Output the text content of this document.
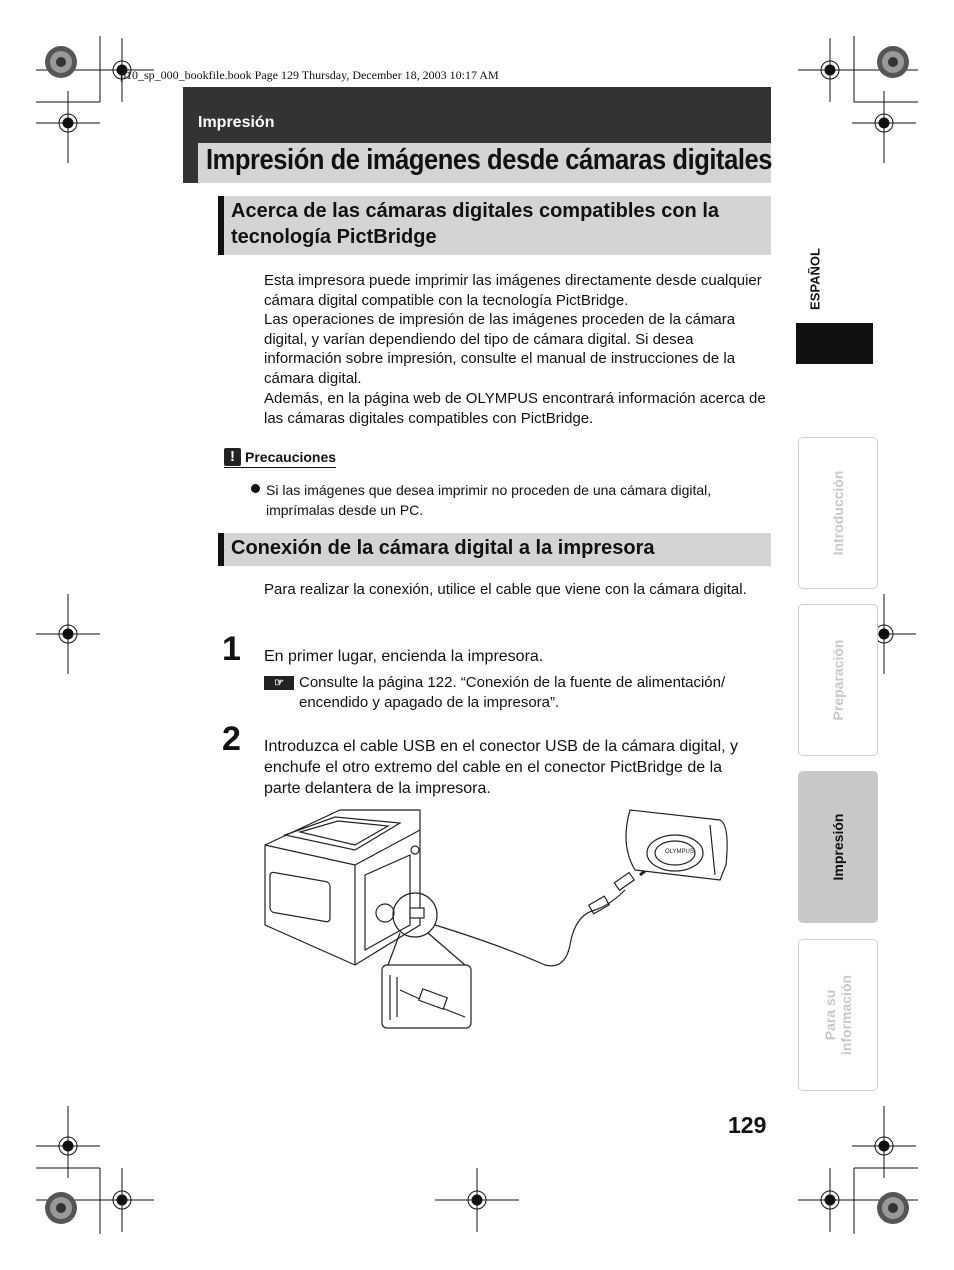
p10_sp_000_bookfile.book Page 129 Thursday, December 18, 2003 10:17 AM
Impresión
Impresión de imágenes desde cámaras digitales
Acerca de las cámaras digitales compatibles con la tecnología PictBridge
Esta impresora puede imprimir las imágenes directamente desde cualquier cámara digital compatible con la tecnología PictBridge.
Las operaciones de impresión de las imágenes proceden de la cámara digital, y varían dependiendo del tipo de cámara digital. Si desea información sobre impresión, consulte el manual de instrucciones de la cámara digital.
Además, en la página web de OLYMPUS encontrará información acerca de las cámaras digitales compatibles con PictBridge.
! Precauciones
Si las imágenes que desea imprimir no proceden de una cámara digital, imprímalas desde un PC.
Conexión de la cámara digital a la impresora
Para realizar la conexión, utilice el cable que viene con la cámara digital.
1 En primer lugar, encienda la impresora.
☞	Consulte la página 122. “Conexión de la fuente de alimentación/ encendido y apagado de la impresora”.
2 Introduzca el cable USB en el conector USB de la cámara digital, y enchufe el otro extremo del cable en el conector PictBridge de la parte delantera de la impresora.
OLYMPUS
ESPAÑOL
Introducción
Preparación
Impresión
Para su información
129
